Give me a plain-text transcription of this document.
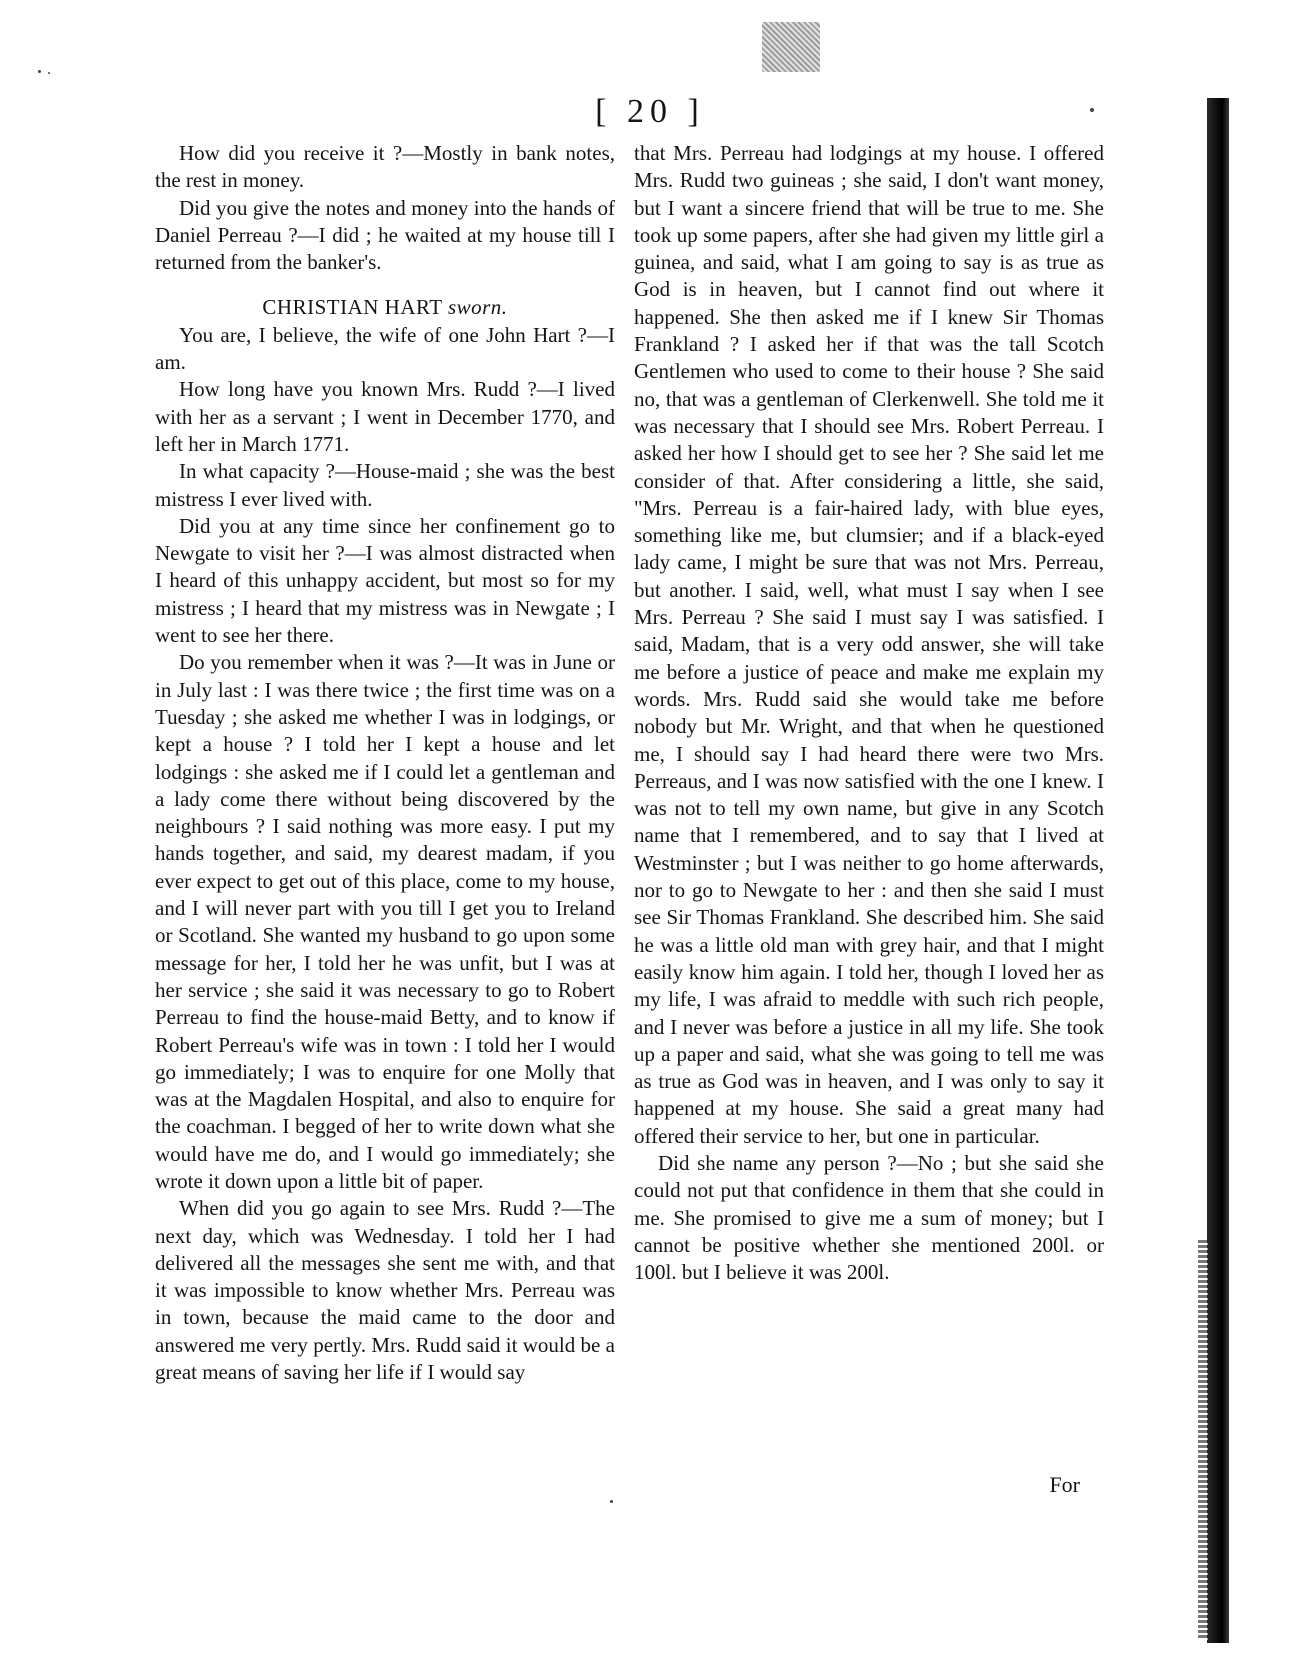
[ 20 ]

How did you receive it ?—Mostly in bank notes, the rest in money.

Did you give the notes and money into the hands of Daniel Perreau ?—I did ; he waited at my house till I returned from the banker's.

CHRISTIAN HART sworn.

You are, I believe, the wife of one John Hart ?—I am.

How long have you known Mrs. Rudd ?—I lived with her as a servant ; I went in December 1770, and left her in March 1771.

In what capacity ?—House-maid ; she was the best mistress I ever lived with.

Did you at any time since her confinement go to Newgate to visit her ?—I was almost distracted when I heard of this unhappy accident, but most so for my mistress ; I heard that my mistress was in Newgate ; I went to see her there.

Do you remember when it was ?—It was in June or in July last : I was there twice ; the first time was on a Tuesday ; she asked me whether I was in lodgings, or kept a house ? I told her I kept a house and let lodgings : she asked me if I could let a gentleman and a lady come there without being discovered by the neighbours ? I said nothing was more easy. I put my hands together, and said, my dearest madam, if you ever expect to get out of this place, come to my house, and I will never part with you till I get you to Ireland or Scotland. She wanted my husband to go upon some message for her, I told her he was unfit, but I was at her service ; she said it was necessary to go to Robert Perreau to find the house-maid Betty, and to know if Robert Perreau's wife was in town : I told her I would go immediately; I was to enquire for one Molly that was at the Magdalen Hospital, and also to enquire for the coachman. I begged of her to write down what she would have me do, and I would go immediately; she wrote it down upon a little bit of paper.

When did you go again to see Mrs. Rudd ?—The next day, which was Wednesday. I told her I had delivered all the messages she sent me with, and that it was impossible to know whether Mrs. Perreau was in town, because the maid came to the door and answered me very pertly. Mrs. Rudd said it would be a great means of saving her life if I would say

that Mrs. Perreau had lodgings at my house. I offered Mrs. Rudd two guineas ; she said, I don't want money, but I want a sincere friend that will be true to me. She took up some papers, after she had given my little girl a guinea, and said, what I am going to say is as true as God is in heaven, but I cannot find out where it happened. She then asked me if I knew Sir Thomas Frankland ? I asked her if that was the tall Scotch Gentlemen who used to come to their house ? She said no, that was a gentleman of Clerkenwell. She told me it was necessary that I should see Mrs. Robert Perreau. I asked her how I should get to see her ? She said let me consider of that. After considering a little, she said, "Mrs. Perreau is a fair-haired lady, with blue eyes, something like me, but clumsier; and if a black-eyed lady came, I might be sure that was not Mrs. Perreau, but another. I said, well, what must I say when I see Mrs. Perreau ? She said I must say I was satisfied. I said, Madam, that is a very odd answer, she will take me before a justice of peace and make me explain my words. Mrs. Rudd said she would take me before nobody but Mr. Wright, and that when he questioned me, I should say I had heard there were two Mrs. Perreaus, and I was now satisfied with the one I knew. I was not to tell my own name, but give in any Scotch name that I remembered, and to say that I lived at Westminster ; but I was neither to go home afterwards, nor to go to Newgate to her : and then she said I must see Sir Thomas Frankland. She described him. She said he was a little old man with grey hair, and that I might easily know him again. I told her, though I loved her as my life, I was afraid to meddle with such rich people, and I never was before a justice in all my life. She took up a paper and said, what she was going to tell me was as true as God was in heaven, and I was only to say it happened at my house. She said a great many had offered their service to her, but one in particular.

Did she name any person ?—No ; but she said she could not put that confidence in them that she could in me. She promised to give me a sum of money; but I cannot be positive whether she mentioned 200l. or 100l. but I believe it was 200l.

For
